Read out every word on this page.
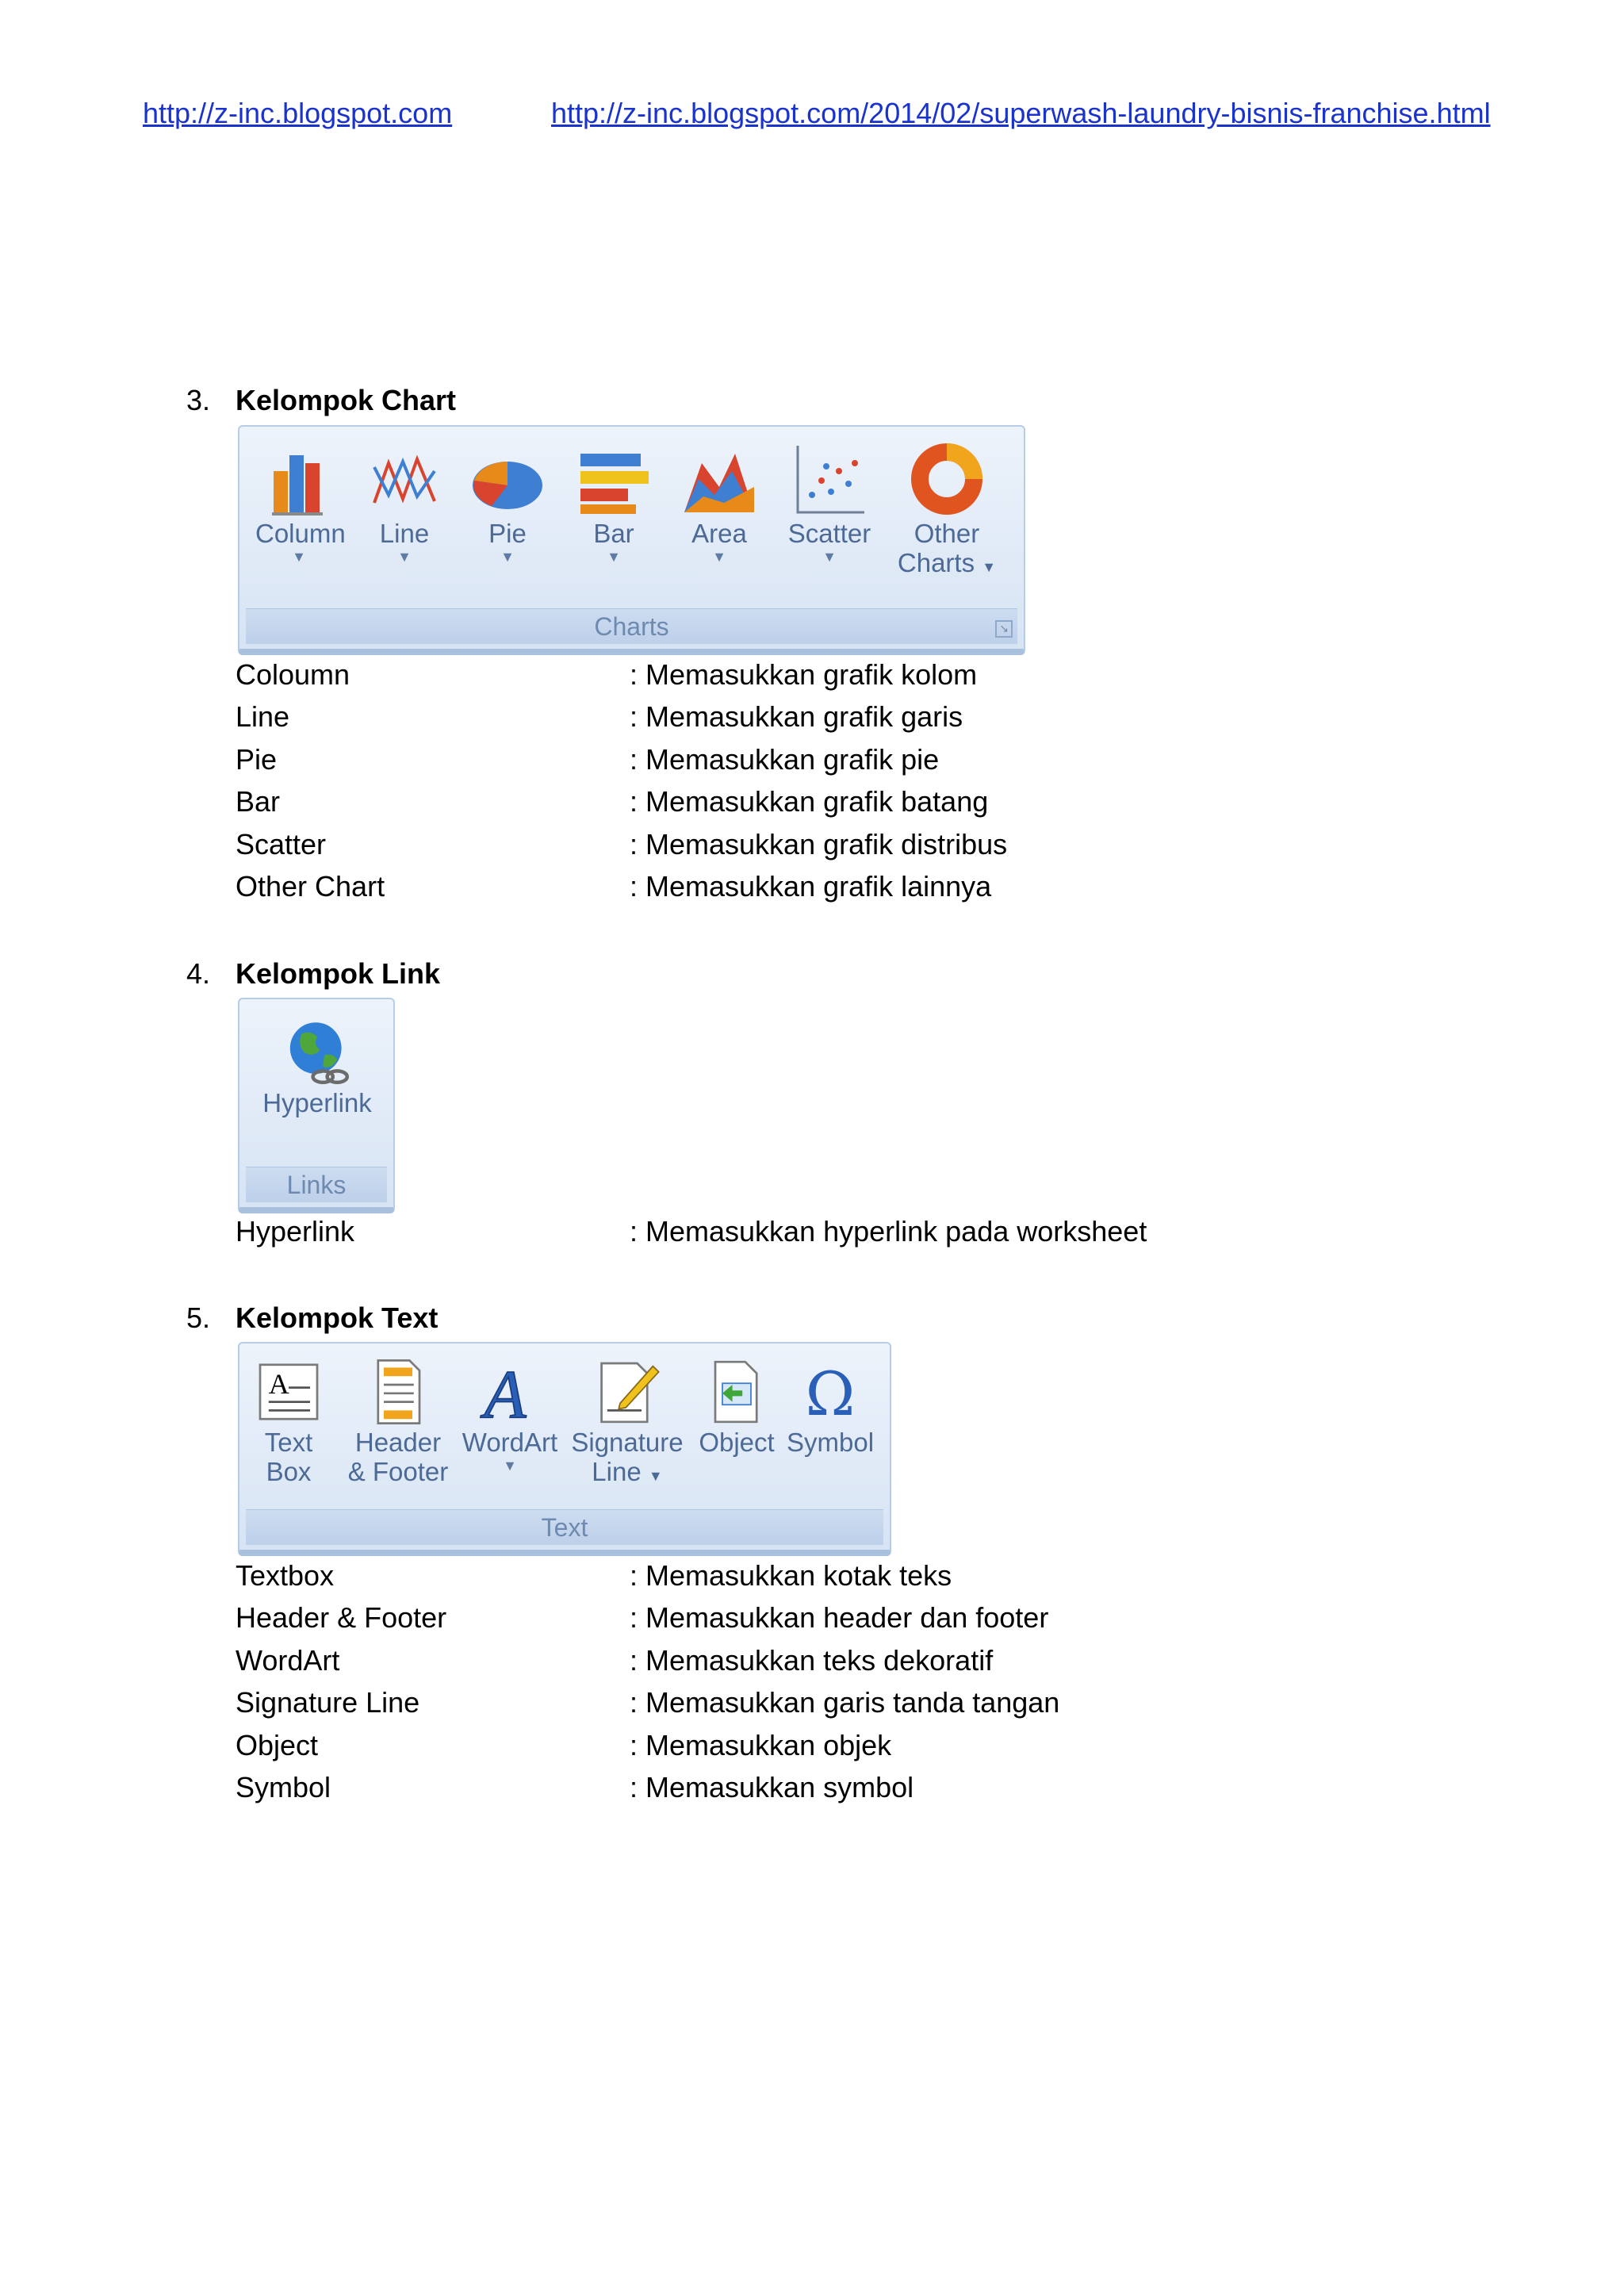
http://z-inc.blogspot.com	http://z-inc.blogspot.com/2014/02/superwash-laundry-bisnis-franchise.html
3. Kelompok Chart
Column
▼
Line
▼
Pie
▼
Bar
▼
Area
▼
Scatter
▼
Other
Charts ▼
Charts	↘
Coloumn	: Memasukkan grafik kolom
Line	: Memasukkan grafik garis
Pie	: Memasukkan grafik pie
Bar	: Memasukkan grafik batang
Scatter	: Memasukkan grafik distribus
Other Chart	: Memasukkan grafik lainnya
4. Kelompok Link
Hyperlink
Links
Hyperlink	: Memasukkan hyperlink pada worksheet
5. Kelompok Text
A
Text
Box
Header
& Footer
A
WordArt
▼
Signature
Line ▼
Object
Ω
Symbol
Text
Textbox	: Memasukkan kotak teks
Header & Footer	: Memasukkan header dan footer
WordArt	: Memasukkan teks dekoratif
Signature Line	: Memasukkan garis tanda tangan
Object	: Memasukkan objek
Symbol	: Memasukkan symbol
